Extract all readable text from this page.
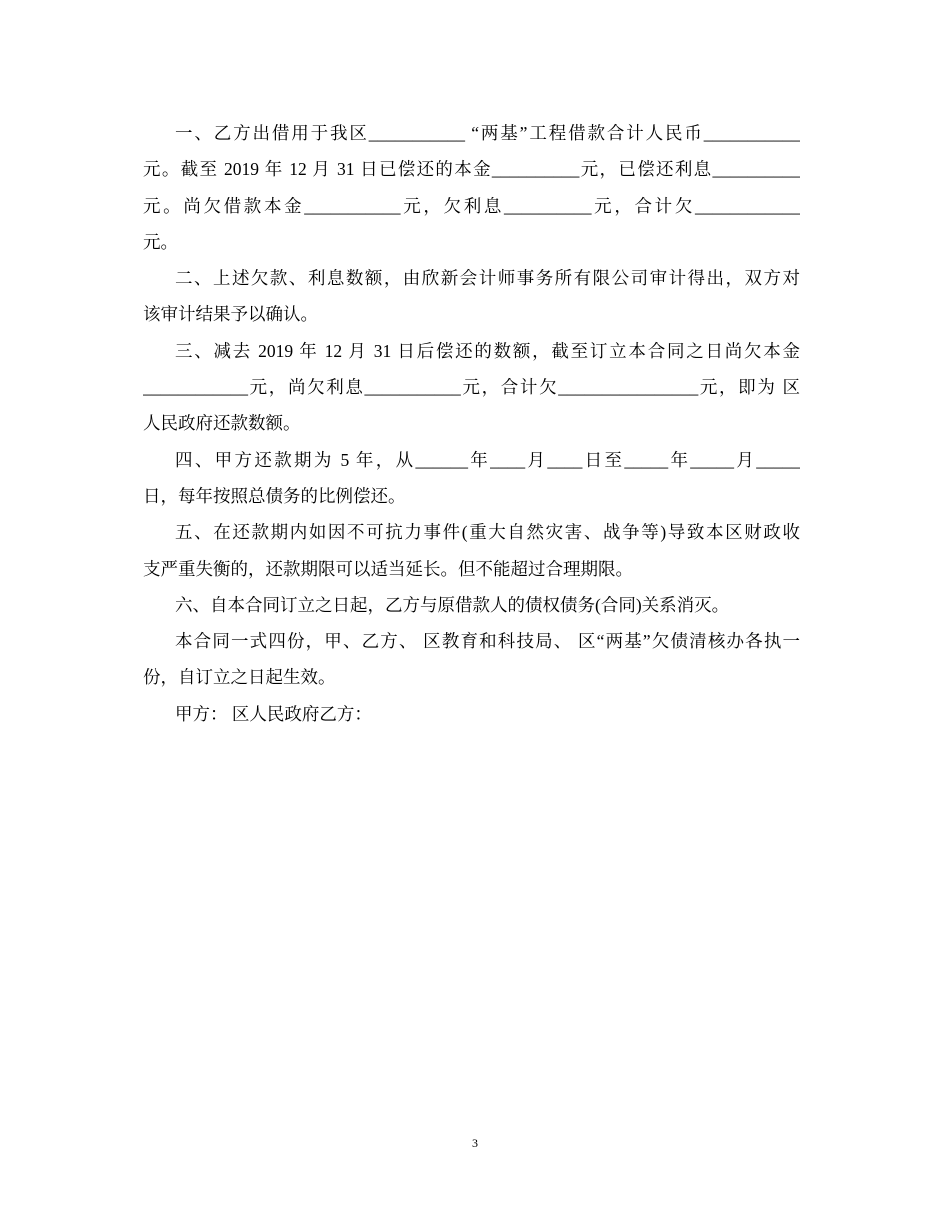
一、乙方出借用于我区___________ “两基”工程借款合计人民币___________
元。截至 2019 年 12 月 31 日已偿还的本金__________元，已偿还利息__________
元。尚欠借款本金___________元，欠利息__________元，合计欠____________
元。
二、上述欠款、利息数额，由欣新会计师事务所有限公司审计得出，双方对
该审计结果予以确认。
三、减去 2019 年 12 月 31 日后偿还的数额，截至订立本合同之日尚欠本金
____________元，尚欠利息___________元，合计欠________________元，即为 区
人民政府还款数额。
四、甲方还款期为 5 年，从______年____月____日至_____年_____月_____
日，每年按照总债务的比例偿还。
五、在还款期内如因不可抗力事件(重大自然灾害、战争等)导致本区财政收
支严重失衡的，还款期限可以适当延长。但不能超过合理期限。
六、自本合同订立之日起，乙方与原借款人的债权债务(合同)关系消灭。
本合同一式四份，甲、乙方、 区教育和科技局、 区“两基”欠债清核办各执一
份，自订立之日起生效。
甲方： 区人民政府乙方：
3
